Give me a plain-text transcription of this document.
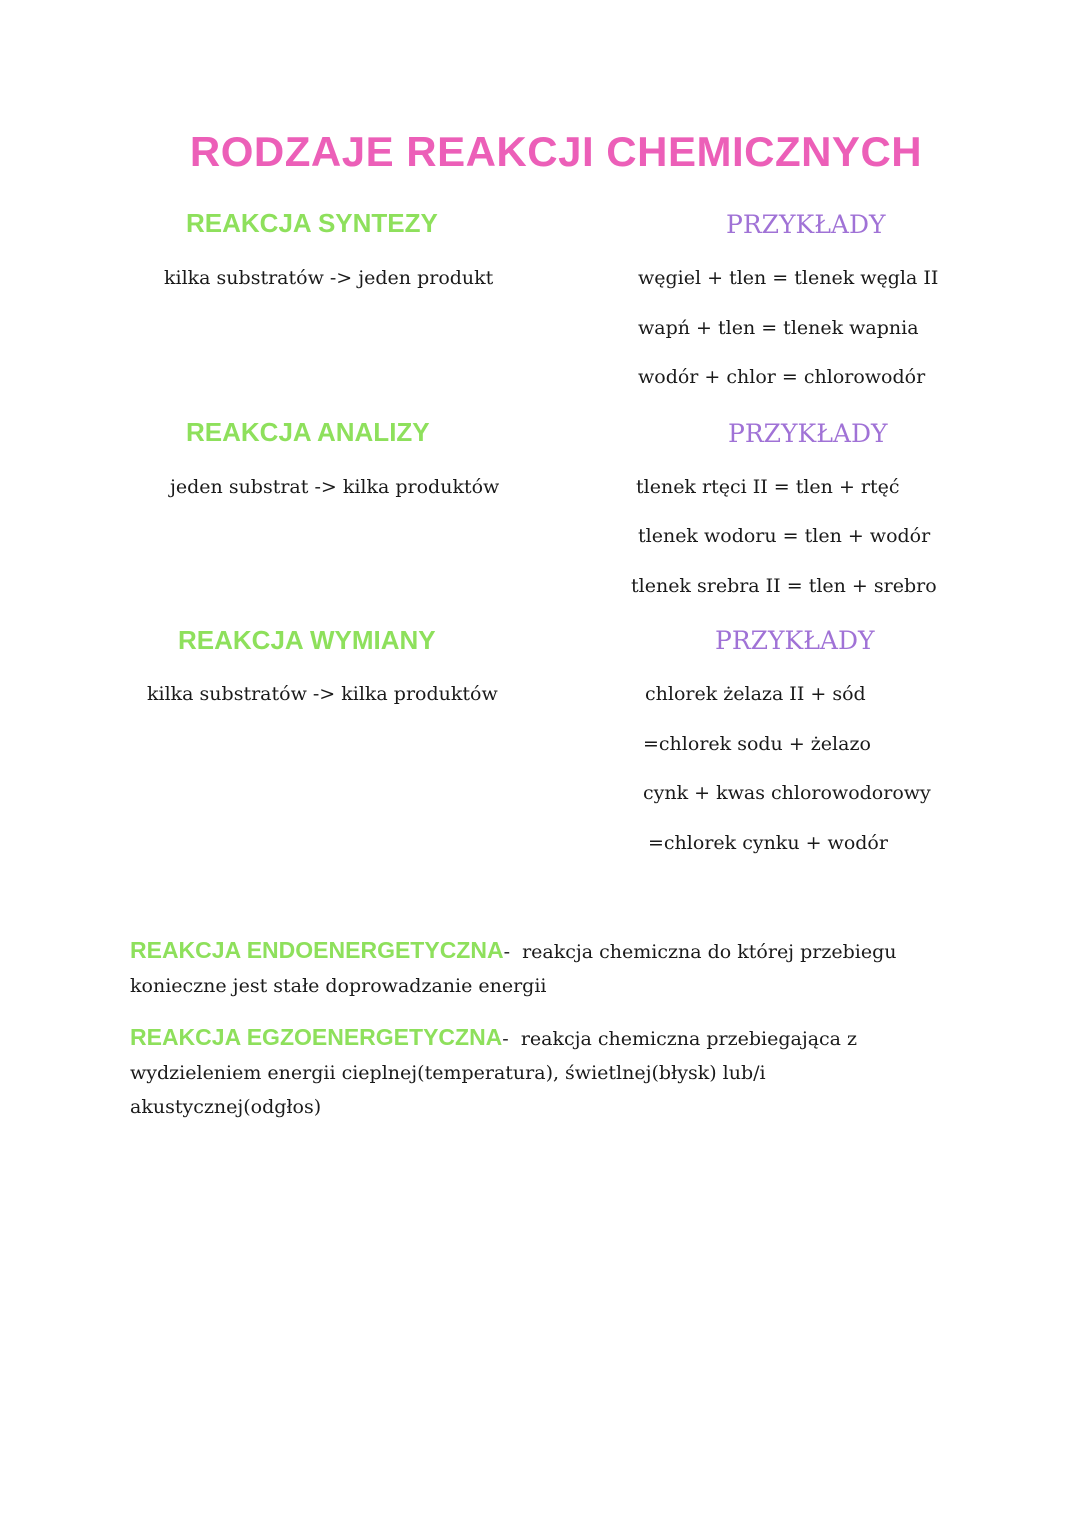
RODZAJE REAKCJI CHEMICZNYCH
REAKCJA SYNTEZY	PRZYKŁADY
kilka substratów -> jeden produkt	węgiel + tlen = tlenek węgla II
wapń + tlen = tlenek wapnia
wodór + chlor = chlorowodór
REAKCJA ANALIZY	PRZYKŁADY
jeden substrat -> kilka produktów	tlenek rtęci II = tlen + rtęć
tlenek wodoru = tlen + wodór
tlenek srebra II = tlen + srebro
REAKCJA WYMIANY	PRZYKŁADY
kilka substratów -> kilka produktów	chlorek żelaza II + sód
=chlorek sodu + żelazo
cynk + kwas chlorowodorowy
=chlorek cynku + wodór
REAKCJA ENDOENERGETYCZNA- reakcja chemiczna do której przebiegu konieczne jest stałe doprowadzanie energii
REAKCJA EGZOENERGETYCZNA- reakcja chemiczna przebiegająca z wydzieleniem energii cieplnej(temperatura), świetlnej(błysk) lub/i akustycznej(odgłos)
